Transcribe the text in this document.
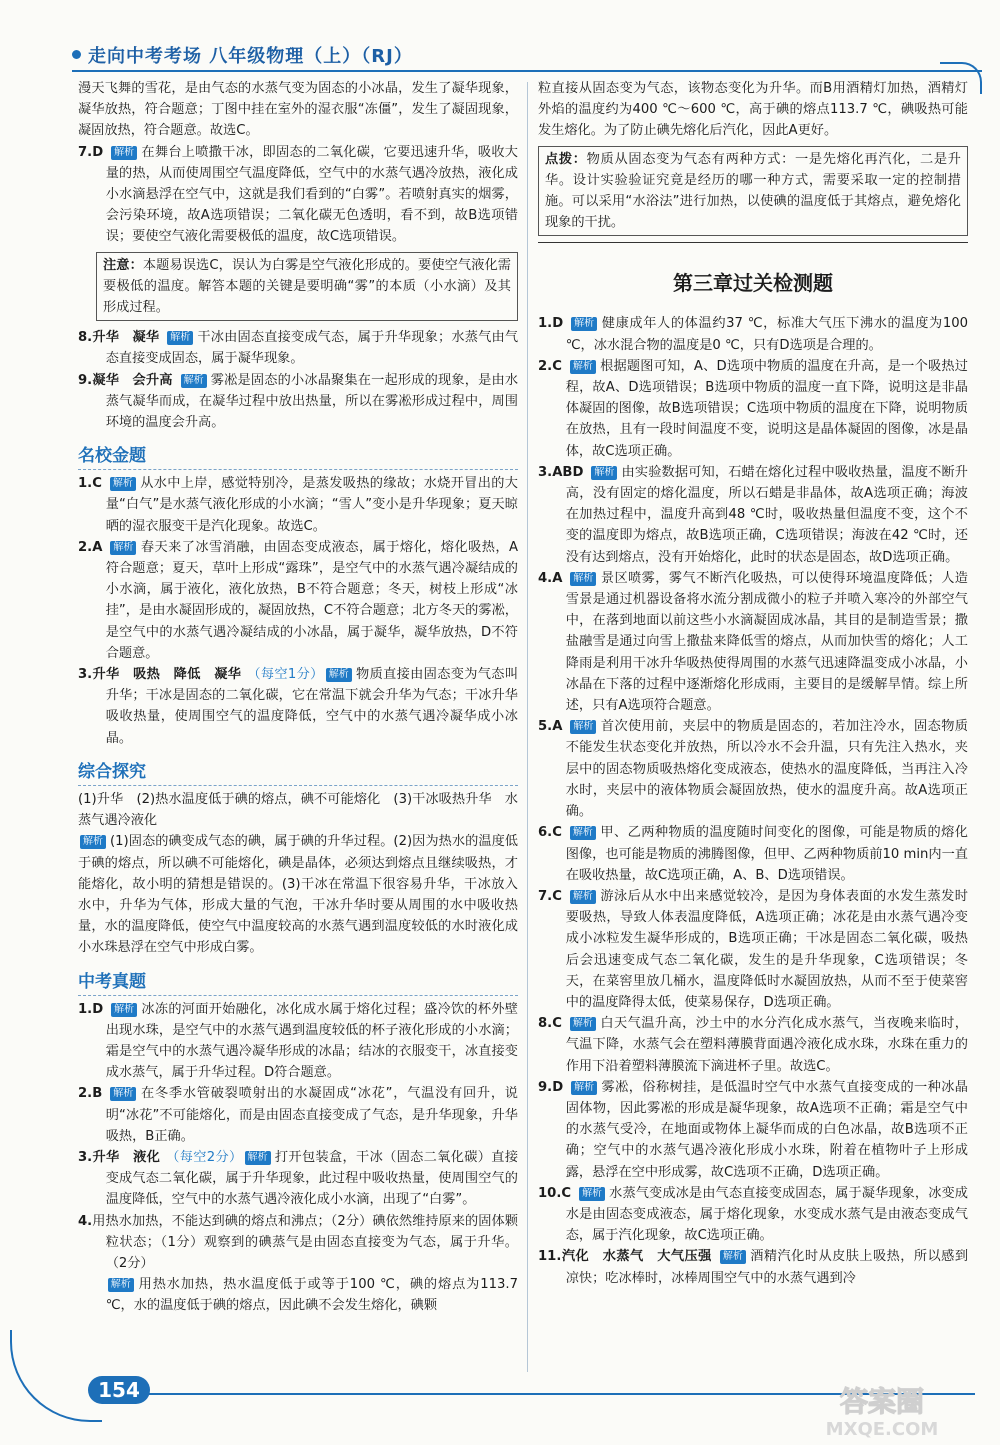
走向中考考场 八年级物理（上）（RJ）

漫天飞舞的雪花，是由气态的水蒸气变为固态的小冰晶，发生了凝华现象，凝华放热，符合题意；丁图中挂在室外的湿衣服“冻僵”，发生了凝固现象，凝固放热，符合题意。故选C。

7.D 解析 在舞台上喷撒干冰，即固态的二氧化碳，它要迅速升华，吸收大量的热，从而使周围空气温度降低，空气中的水蒸气遇冷放热，液化成小水滴悬浮在空气中，这就是我们看到的“白雾”。若喷射真实的烟雾，会污染环境，故A选项错误；二氧化碳无色透明，看不到，故B选项错误；要使空气液化需要极低的温度，故C选项错误。

注意：本题易误选C，误认为白雾是空气液化形成的。要使空气液化需要极低的温度。解答本题的关键是要明确“雾”的本质（小水滴）及其形成过程。

8.升华　凝华 解析 干冰由固态直接变成气态，属于升华现象；水蒸气由气态直接变成固态，属于凝华现象。

9.凝华　会升高 解析 雾凇是固态的小冰晶聚集在一起形成的现象，是由水蒸气凝华而成，在凝华过程中放出热量，所以在雾凇形成过程中，周围环境的温度会升高。

名校金题

1.C 解析 从水中上岸，感觉特别冷，是蒸发吸热的缘故；水烧开冒出的大量“白气”是水蒸气液化形成的小水滴；“雪人”变小是升华现象；夏天晾晒的湿衣服变干是汽化现象。故选C。

2.A 解析 春天来了冰雪消融，由固态变成液态，属于熔化，熔化吸热，A符合题意；夏天，草叶上形成“露珠”，是空气中的水蒸气遇冷凝结成的小水滴，属于液化，液化放热，B不符合题意；冬天，树枝上形成“冰挂”，是由水凝固形成的，凝固放热，C不符合题意；北方冬天的雾凇，是空气中的水蒸气遇冷凝结成的小冰晶，属于凝华，凝华放热，D不符合题意。

3.升华　吸热　降低　凝华 （每空1分） 解析 物质直接由固态变为气态叫升华；干冰是固态的二氧化碳，它在常温下就会升华为气态；干冰升华吸收热量，使周围空气的温度降低，空气中的水蒸气遇冷凝华成小冰晶。

综合探究

(1)升华　(2)热水温度低于碘的熔点，碘不可能熔化　(3)干冰吸热升华　水蒸气遇冷液化

解析 (1)固态的碘变成气态的碘，属于碘的升华过程。(2)因为热水的温度低于碘的熔点，所以碘不可能熔化，碘是晶体，必须达到熔点且继续吸热，才能熔化，故小明的猜想是错误的。(3)干冰在常温下很容易升华，干冰放入水中，升华为气体，形成大量的气泡，干冰升华时要从周围的水中吸收热量，水的温度降低，使空气中温度较高的水蒸气遇到温度较低的水时液化成小水珠悬浮在空气中形成白雾。

中考真题

1.D 解析 冰冻的河面开始融化，冰化成水属于熔化过程；盛冷饮的杯外壁出现水珠，是空气中的水蒸气遇到温度较低的杯子液化形成的小水滴；霜是空气中的水蒸气遇冷凝华形成的冰晶；结冰的衣服变干，冰直接变成水蒸气，属于升华过程。D符合题意。

2.B 解析 在冬季水管破裂喷射出的水凝固成“冰花”，气温没有回升，说明“冰花”不可能熔化，而是由固态直接变成了气态，是升华现象，升华吸热，B正确。

3.升华　液化 （每空2分） 解析 打开包装盒，干冰（固态二氧化碳）直接变成气态二氧化碳，属于升华现象，此过程中吸收热量，使周围空气的温度降低，空气中的水蒸气遇冷液化成小水滴，出现了“白雾”。

4.用热水加热，不能达到碘的熔点和沸点；（2分）碘依然维持原来的固体颗粒状态；（1分）观察到的碘蒸气是由固态直接变为气态，属于升华。（2分）
解析 用热水加热，热水温度低于或等于100 ℃，碘的熔点为113.7 ℃，水的温度低于碘的熔点，因此碘不会发生熔化，碘颗

粒直接从固态变为气态，该物态变化为升华。而B用酒精灯加热，酒精灯外焰的温度约为400 ℃～600 ℃，高于碘的熔点113.7 ℃，碘吸热可能发生熔化。为了防止碘先熔化后汽化，因此A更好。

点拨：物质从固态变为气态有两种方式：一是先熔化再汽化，二是升华。设计实验验证究竟是经历的哪一种方式，需要采取一定的控制措施。可以采用“水浴法”进行加热，以使碘的温度低于其熔点，避免熔化现象的干扰。
第三章过关检测题

1.D 解析 健康成年人的体温约37 ℃，标准大气压下沸水的温度为100 ℃，冰水混合物的温度是0 ℃，只有D选项是合理的。

2.C 解析 根据题图可知，A、D选项中物质的温度在升高，是一个吸热过程，故A、D选项错误；B选项中物质的温度一直下降，说明这是非晶体凝固的图像，故B选项错误；C选项中物质的温度在下降，说明物质在放热，且有一段时间温度不变，说明这是晶体凝固的图像，冰是晶体，故C选项正确。

3.ABD 解析 由实验数据可知，石蜡在熔化过程中吸收热量，温度不断升高，没有固定的熔化温度，所以石蜡是非晶体，故A选项正确；海波在加热过程中，温度升高到48 ℃时，吸收热量但温度不变，这个不变的温度即为熔点，故B选项正确，C选项错误；海波在42 ℃时，还没有达到熔点，没有开始熔化，此时的状态是固态，故D选项正确。

4.A 解析 景区喷雾，雾气不断汽化吸热，可以使得环境温度降低；人造雪景是通过机器设备将水流分割成微小的粒子并喷入寒冷的外部空气中，在落到地面以前这些小水滴凝固成冰晶，其目的是制造雪景；撒盐融雪是通过向雪上撒盐来降低雪的熔点，从而加快雪的熔化；人工降雨是利用干冰升华吸热使得周围的水蒸气迅速降温变成小冰晶，小冰晶在下落的过程中逐渐熔化形成雨，主要目的是缓解旱情。综上所述，只有A选项符合题意。

5.A 解析 首次使用前，夹层中的物质是固态的，若加注冷水，固态物质不能发生状态变化并放热，所以冷水不会升温，只有先注入热水，夹层中的固态物质吸热熔化变成液态，使热水的温度降低，当再注入冷水时，夹层中的液体物质会凝固放热，使水的温度升高。故A选项正确。

6.C 解析 甲、乙两种物质的温度随时间变化的图像，可能是物质的熔化图像，也可能是物质的沸腾图像，但甲、乙两种物质前10 min内一直在吸收热量，故C选项正确，A、B、D选项错误。

7.C 解析 游泳后从水中出来感觉较冷，是因为身体表面的水发生蒸发时要吸热，导致人体表温度降低，A选项正确；冰花是由水蒸气遇冷变成小冰粒发生凝华形成的，B选项正确；干冰是固态二氧化碳，吸热后会迅速变成气态二氧化碳，发生的是升华现象，C选项错误；冬天，在菜窖里放几桶水，温度降低时水凝固放热，从而不至于使菜窖中的温度降得太低，使菜易保存，D选项正确。

8.C 解析 白天气温升高，沙土中的水分汽化成水蒸气，当夜晚来临时，气温下降，水蒸气会在塑料薄膜背面遇冷液化成水珠，水珠在重力的作用下沿着塑料薄膜流下滴进杯子里。故选C。

9.D 解析 雾凇，俗称树挂，是低温时空气中水蒸气直接变成的一种冰晶固体物，因此雾凇的形成是凝华现象，故A选项不正确；霜是空气中的水蒸气受冷，在地面或物体上凝华而成的白色冰晶，故B选项不正确；空气中的水蒸气遇冷液化形成小水珠，附着在植物叶子上形成露，悬浮在空中形成雾，故C选项不正确，D选项正确。

10.C 解析 水蒸气变成冰是由气态直接变成固态，属于凝华现象，冰变成水是由固态变成液态，属于熔化现象，水变成水蒸气是由液态变成气态，属于汽化现象，故C选项正确。

11.汽化　水蒸气　大气压强 解析 酒精汽化时从皮肤上吸热，所以感到凉快；吃冰棒时，冰棒周围空气中的水蒸气遇到冷

154	答案圈
MXQE.COM
